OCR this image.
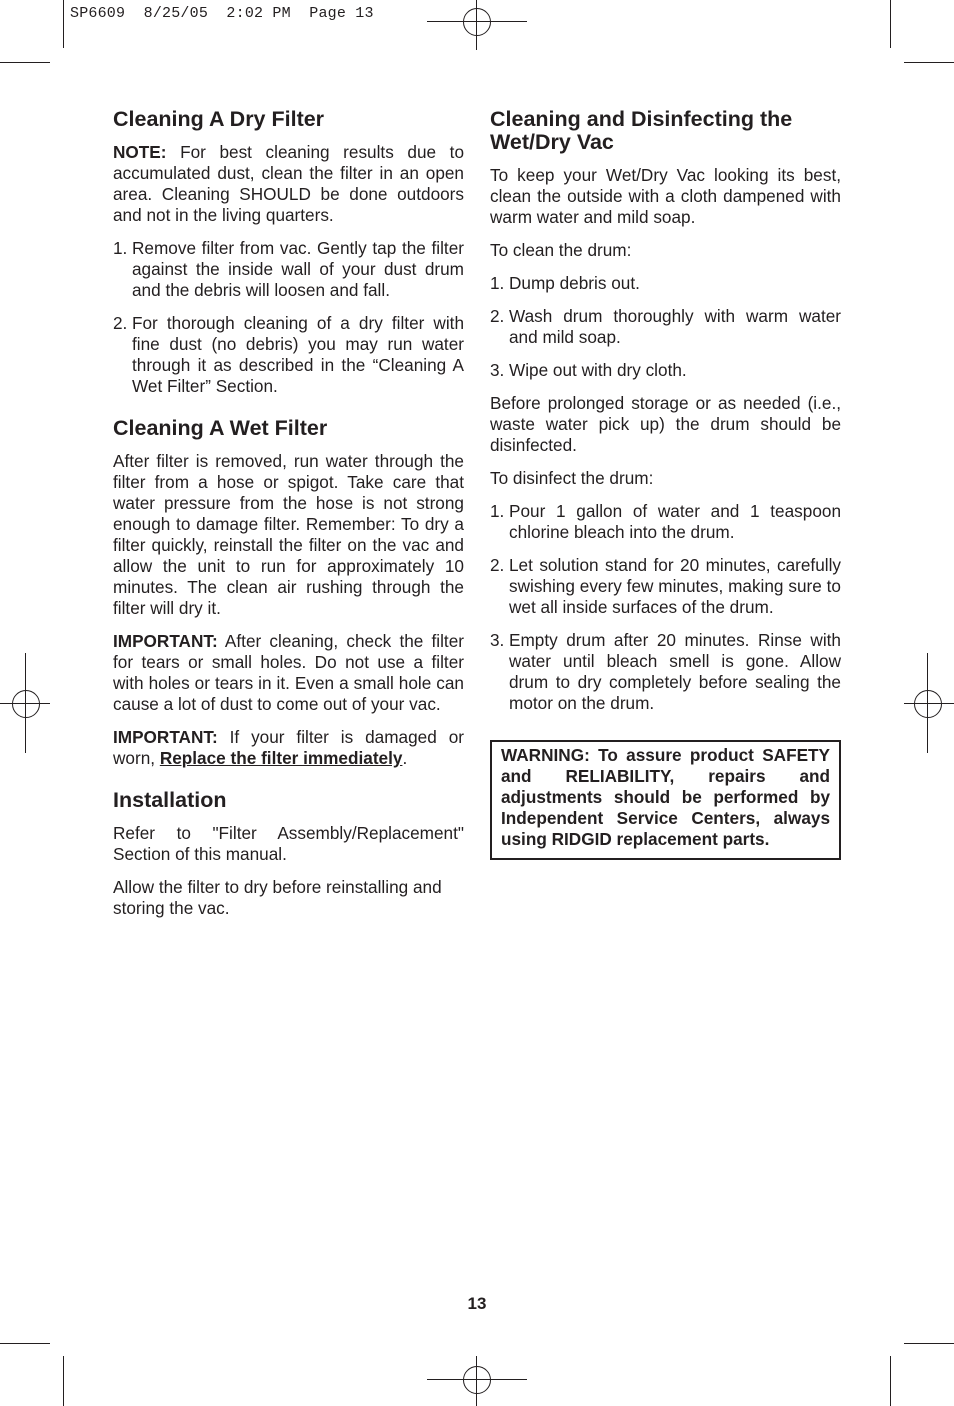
SP6609  8/25/05  2:02 PM  Page 13
Cleaning A Dry Filter

NOTE: For best cleaning results due to accumulated dust, clean the filter in an open area. Cleaning SHOULD be done outdoors and not in the living quarters.

1. Remove filter from vac. Gently tap the filter against the inside wall of your dust drum and the debris will loosen and fall.
2. For thorough cleaning of a dry filter with fine dust (no debris) you may run water through it as described in the “Cleaning A Wet Filter” Section.
Cleaning A Wet Filter

After filter is removed, run water through the filter from a hose or spigot. Take care that water pressure from the hose is not strong enough to damage filter. Remember: To dry a filter quickly, reinstall the filter on the vac and allow the unit to run for approximately 10 minutes. The clean air rushing through the filter will dry it.

IMPORTANT: After cleaning, check the filter for tears or small holes. Do not use a filter with holes or tears in it. Even a small hole can cause a lot of dust to come out of your vac.

IMPORTANT: If your filter is damaged or worn, Replace the filter immediately.

Installation

Refer to "Filter Assembly/Replacement" Section of this manual.

Allow the filter to dry before reinstalling and storing the vac.

Cleaning and Disinfecting the Wet/Dry Vac

To keep your Wet/Dry Vac looking its best, clean the outside with a cloth dampened with warm water and mild soap.

To clean the drum:

1. Dump debris out.
2. Wash drum thoroughly with warm water and mild soap.
3. Wipe out with dry cloth.

Before prolonged storage or as needed (i.e., waste water pick up) the drum should be disinfected.

To disinfect the drum:

1. Pour 1 gallon of water and 1 teaspoon chlorine bleach into the drum.
2. Let solution stand for 20 minutes, carefully swishing every few minutes, making sure to wet all inside surfaces of the drum.
3. Empty drum after 20 minutes. Rinse with water until bleach smell is gone. Allow drum to dry completely before sealing the motor on the drum.
WARNING: To assure product SAFETY and RELIABILITY, repairs and adjustments should be performed by Independent Service Centers, always using RIDGID replacement parts.
13
